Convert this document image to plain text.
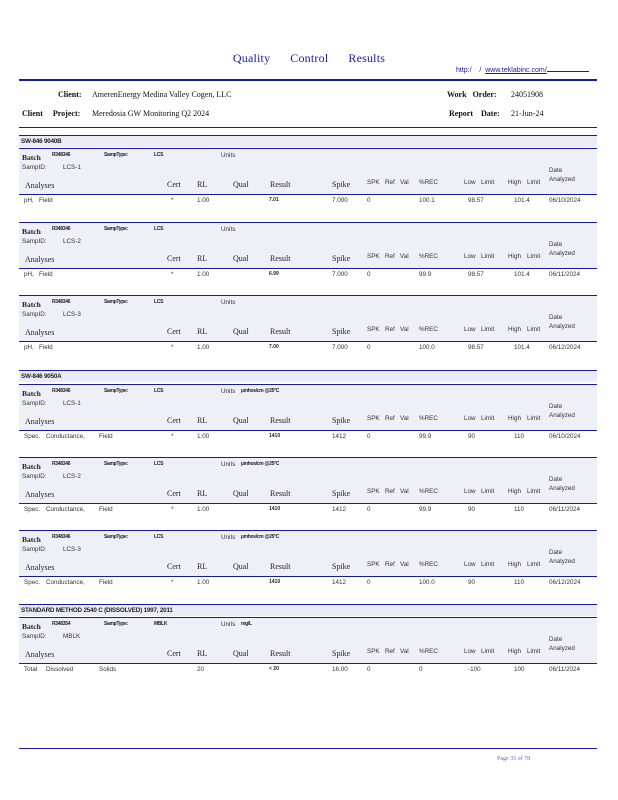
Quality Control Results
http:/ / www.teklabinc.com/
Client: AmerenEnergy Medina Valley Cogen, LLC	Work Order: 24051908
Client Project: Meredosia GW Monitoring Q2 2024	Report Date: 21-Jun-24
SW-846 9040B
SW-846 9050A
STANDARD METHOD 2540 C (DISSOLVED) 1997, 2011
Batch R348346	SampType:	LCS	Units
SampID:	LCS-1	Date
Analyses	Cert RL	Qual	Result	Spike	SPK Ref Val %REC	Low Limit High Limit Analyzed
pH, Field	*	1.00	7.01	7.000	0	100.1	98.57	101.4	06/10/2024
Batch R348346	SampType:	LCS	Units
SampID:	LCS-2	Date
Analyses	Cert RL	Qual	Result	Spike	SPK Ref Val %REC	Low Limit High Limit Analyzed
pH, Field	*	1.00	6.99	7.000	0	99.9	98.57	101.4	06/11/2024
Batch R348346	SampType:	LCS	Units
SampID:	LCS-3	Date
Analyses	Cert RL	Qual	Result	Spike	SPK Ref Val %REC	Low Limit High Limit Analyzed
pH, Field	*	1.00	7.00	7.000	0	100.0	98.57	101.4	06/12/2024
Batch R348346	SampType:	LCS	Units µmhos/cm @25°C
SampID:	LCS-1	Date
Analyses	Cert RL	Qual	Result	Spike	SPK Ref Val %REC	Low Limit High Limit Analyzed
Spec. Conductance, Field	*	1.00	1410	1412	0	99.9	90	110	06/10/2024
Batch R348346	SampType:	LCS	Units µmhos/cm @25°C
SampID:	LCS-2	Date
Analyses	Cert RL	Qual	Result	Spike	SPK Ref Val %REC	Low Limit High Limit Analyzed
Spec. Conductance, Field	*	1.00	1410	1412	0	99.9	90	110	06/11/2024
Batch R348346	SampType:	LCS	Units µmhos/cm @25°C
SampID:	LCS-3	Date
Analyses	Cert RL	Qual	Result	Spike	SPK Ref Val %REC	Low Limit High Limit Analyzed
Spec. Conductance, Field	*	1.00	1410	1412	0	100.0	90	110	06/12/2024
Batch R348354	SampType:	MBLK	Units mg/L
SampID:	MBLK	Date
Analyses	Cert RL	Qual	Result	Spike	SPK Ref Val %REC	Low Limit High Limit Analyzed
Total Dissolved	Solids	20	< 20	16.00	0	0	-100	100	06/11/2024
Page 35 of 78
